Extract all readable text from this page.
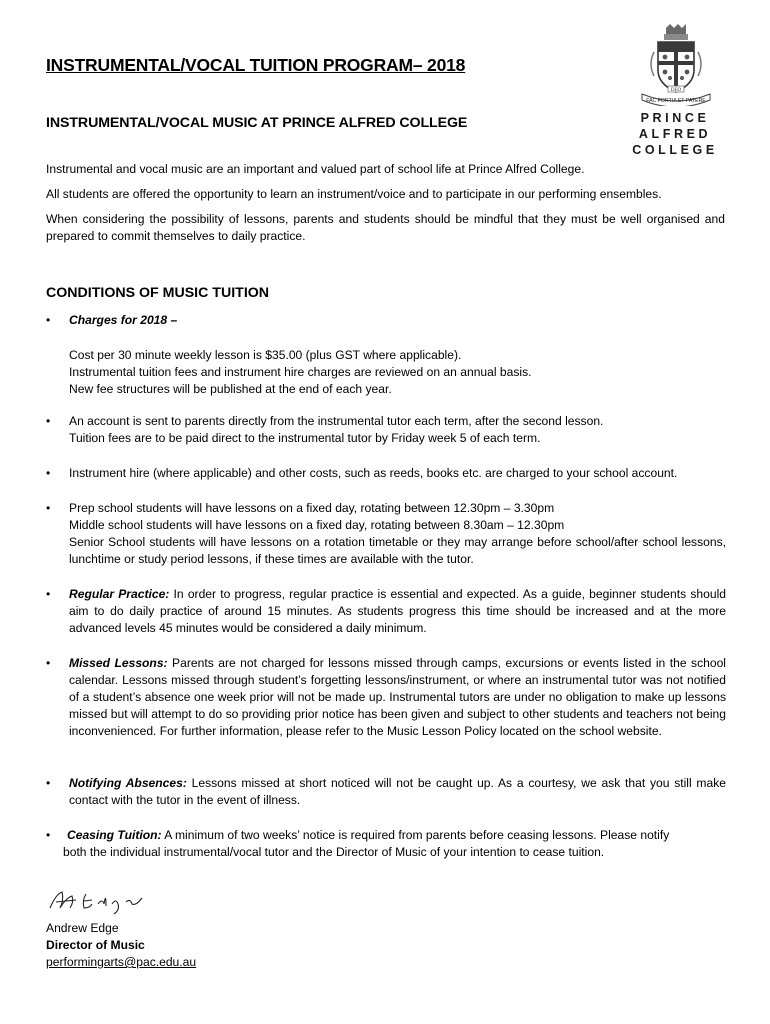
INSTRUMENTAL/VOCAL TUITION PROGRAM– 2018
DEO
FAC FORTIA ET PATERE
PRINCE
ALFRED
COLLEGE
INSTRUMENTAL/VOCAL MUSIC AT PRINCE ALFRED COLLEGE

Instrumental and vocal music are an important and valued part of school life at Prince Alfred College.

All students are offered the opportunity to learn an instrument/voice and to participate in our performing ensembles.

When considering the possibility of lessons, parents and students should be mindful that they must be well organised and prepared to commit themselves to daily practice.

CONDITIONS OF MUSIC TUITION
•	Charges for 2018 –

Cost per 30 minute weekly lesson is $35.00 (plus GST where applicable).

Instrumental tuition fees and instrument hire charges are reviewed on an annual basis.

New fee structures will be published at the end of each year.

•	An account is sent to parents directly from the instrumental tutor each term, after the second lesson.

Tuition fees are to be paid direct to the instrumental tutor by Friday week 5 of each term.

•	Instrument hire (where applicable) and other costs, such as reeds, books etc. are charged to your school account.

•	Prep school students will have lessons on a fixed day, rotating between 12.30pm – 3.30pm

Middle school students will have lessons on a fixed day, rotating between 8.30am – 12.30pm

Senior School students will have lessons on a rotation timetable or they may arrange before school/after school lessons, lunchtime or study period lessons, if these times are available with the tutor.

•	Regular Practice: In order to progress, regular practice is essential and expected. As a guide, beginner students should aim to do daily practice of around 15 minutes. As students progress this time should be increased and at the more advanced levels 45 minutes would be considered a daily minimum.

•	Missed Lessons: Parents are not charged for lessons missed through camps, excursions or events listed in the school calendar. Lessons missed through student’s forgetting lessons/instrument, or where an instrumental tutor was not notified of a student’s absence one week prior will not be made up. Instrumental tutors are under no obligation to make up lessons missed but will attempt to do so providing prior notice has been given and subject to other students and teachers not being inconvenienced. For further information, please refer to the Music Lesson Policy located on the school website.

•	Notifying Absences: Lessons missed at short noticed will not be caught up. As a courtesy, we ask that you still make contact with the tutor in the event of illness.

•	Ceasing Tuition: A minimum of two weeks’ notice is required from parents before ceasing lessons. Please notify

both the individual instrumental/vocal tutor and the Director of Music of your intention to cease tuition.

Andrew Edge
Director of Music
performingarts@pac.edu.au
